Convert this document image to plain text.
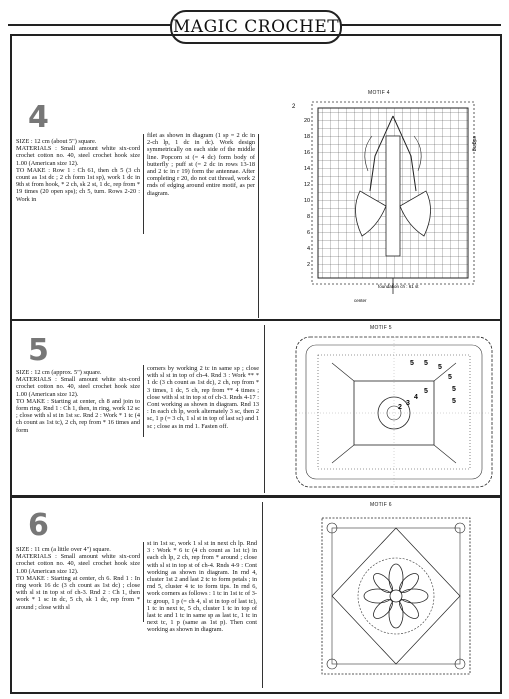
MAGIC CROCHET
4
SIZE : 12 cm (about 5") square.
MATERIALS : Small amount white six-cord crochet cotton no. 40, steel crochet hook size 1.00 (American size 12).
TO MAKE : Row 1 : Ch 61, then ch 5 (3 ch count as 1st dc ; 2 ch form 1st sp), work 1 dc in 9th st from hook, * 2 ch, sk 2 st, 1 dc, rep from * 19 times (20 open sps); ch 5, turn. Rows 2-20 : Work in
filet as shown in diagram (1 sp = 2 dc in 2-ch lp, 1 dc in dc). Work design symmetrically on each side of the middle line. Popcorn st (= 4 dc) form body of butterfly ; puff st (= 2 dc in rows 13-18 and 2 tc in r 19) form the antennae. After completing r 20, do not cut thread, work 2 rnds of edging around entire motif, as per diagram.
MOTIF 4
2
edging
20
18
16
14
12
10
8
6
4
2
foundation ch : 61 st
center
5
SIZE : 12 cm (approx. 5") square.
MATERIALS : Small amount white six-cord crochet cotton no. 40, steel crochet hook size 1.00 (American size 12).
TO MAKE : Starting at center, ch 8 and join to form ring. Rnd 1 : Ch 1, then, in ring, work 12 sc ; close with sl st in 1st sc. Rnd 2 : Work * 1 tc (4 ch count as 1st tc), 2 ch, rep from * 16 times and form
corners by working 2 tc in same sp ; close with sl st in top of ch-4. Rnd 3 : Work ** * 1 dc (3 ch count as 1st dc), 2 ch, rep from * 3 times, 1 dc, 5 ch, rep from ** 4 times ; close with sl st in top st of ch-3. Rnds 4-17 : Cont working as shown in diagram. Rnd 13 : In each ch lp, work alternately 3 sc, then 2 sc, 1 p (= 3 ch, 1 sl st in top of last sc) and 1 sc ; close as in rnd 1. Fasten off.
MOTIF 5
5 5
5
5
5
5
5
4
3
2
6
SIZE : 11 cm (a little over 4") square.
MATERIALS : Small amount white six-cord crochet cotton no. 40, steel crochet hook size 1.00 (American size 12).
TO MAKE : Starting at center, ch 6. Rnd 1 : In ring work 16 dc (3 ch count as 1st dc) ; close with sl st in top st of ch-3. Rnd 2 : Ch 1, then work * 1 sc in dc, 5 ch, sk 1 dc, rep from * around ; close with sl
st in 1st sc, work 1 sl st in next ch lp. Rnd 3 : Work * 6 tc (4 ch count as 1st tc) in each ch lp, 2 ch, rep from * around ; close with sl st in top st of ch-4. Rnds 4-9 : Cont working as shown in diagram. In rnd 4, cluster 1st 2 and last 2 tc to form petals ; in rnd 5, cluster 4 tc to form tips. In rnd 6, work corners as follows : 1 tc in 1st tc of 3-tc group, 1 p (= ch 4, sl st in top of last tc), 1 tc in next tc, 5 ch, cluster 1 tc in top of last tc and 1 tc in same sp as last tc, 1 tc in next tc, 1 p (same as 1st p). Then cont working as shown in diagram.
MOTIF 6
